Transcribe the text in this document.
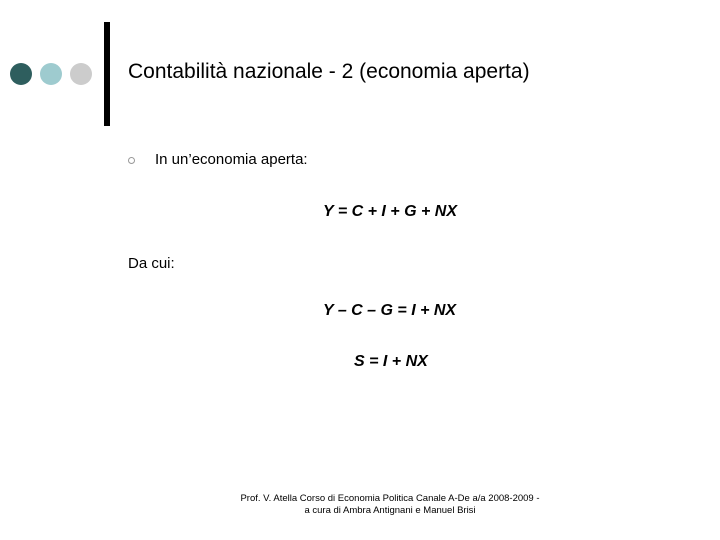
Contabilità nazionale - 2 (economia aperta)
In un’economia aperta:
Y = C + I + G + NX
Da cui:
Y – C – G = I + NX
S = I + NX
Prof. V. Atella Corso di Economia Politica Canale A-De a/a 2008-2009 -
a cura di Ambra Antignani e Manuel Brisi
